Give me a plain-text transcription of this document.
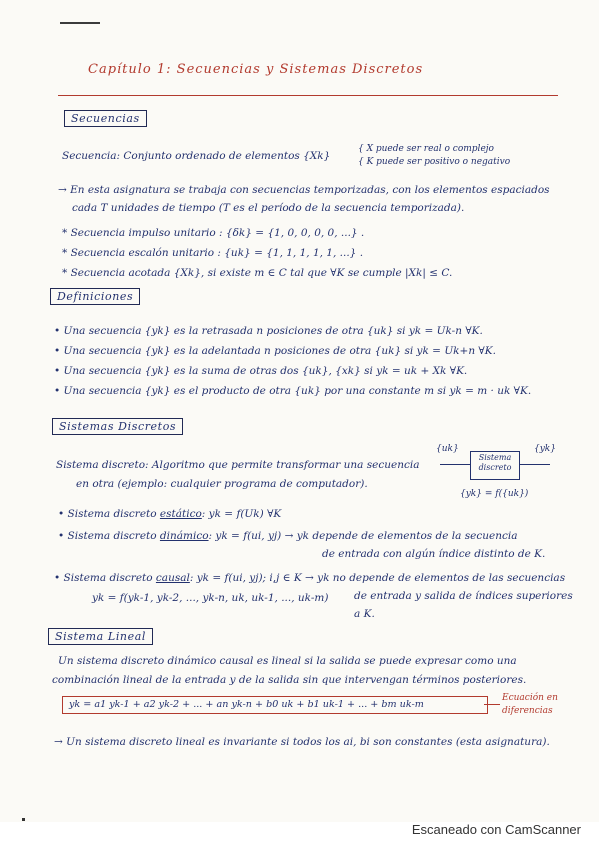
Capítulo 1: Secuencias y Sistemas Discretos
Secuencias
Secuencia: Conjunto ordenado de elementos {Xk}
{ X puede ser real o complejo
{ K puede ser positivo o negativo
→ En esta asignatura se trabaja con secuencias temporizadas, con los elementos espaciados
cada T unidades de tiempo (T es el período de la secuencia temporizada).
* Secuencia impulso unitario : {δk} = {1, 0, 0, 0, 0, ...} .
* Secuencia escalón unitario : {uk} = {1, 1, 1, 1, 1, ...} .
* Secuencia acotada {Xk}, si existe m ∈ C tal que ∀K se cumple |Xk| ≤ C.
Definiciones
• Una secuencia {yk} es la retrasada n posiciones de otra {uk} si yk = Uk-n ∀K.
• Una secuencia {yk} es la adelantada n posiciones de otra {uk} si yk = Uk+n ∀K.
• Una secuencia {yk} es la suma de otras dos {uk}, {xk} si yk = uk + Xk ∀K.
• Una secuencia {yk} es el producto de otra {uk} por una constante m si yk = m · uk ∀K.
Sistemas Discretos
Sistema discreto: Algoritmo que permite transformar una secuencia
en otra (ejemplo: cualquier programa de computador).
{uk}
Sistema discreto
{yk}
{yk} = f({uk})
• Sistema discreto estático: yk = f(Uk) ∀K
• Sistema discreto dinámico: yk = f(ui, yj) → yk depende de elementos de la secuencia
de entrada con algún índice distinto de K.
• Sistema discreto causal: yk = f(ui, yj); i,j ∈ K → yk no depende de elementos de las secuencias
yk = f(yk-1, yk-2, ..., yk-n, uk, uk-1, ..., uk-m) de entrada y salida de índices superiores
a K.
Sistema Lineal
Un sistema discreto dinámico causal es lineal si la salida se puede expresar como una
combinación lineal de la entrada y de la salida sin que intervengan términos posteriores.
yk = a1 yk-1 + a2 yk-2 + ... + an yk-n + b0 uk + b1 uk-1 + ... + bm uk-m
Ecuación en
diferencias
→ Un sistema discreto lineal es invariante si todos los ai, bi son constantes (esta asignatura).
Escaneado con CamScanner
